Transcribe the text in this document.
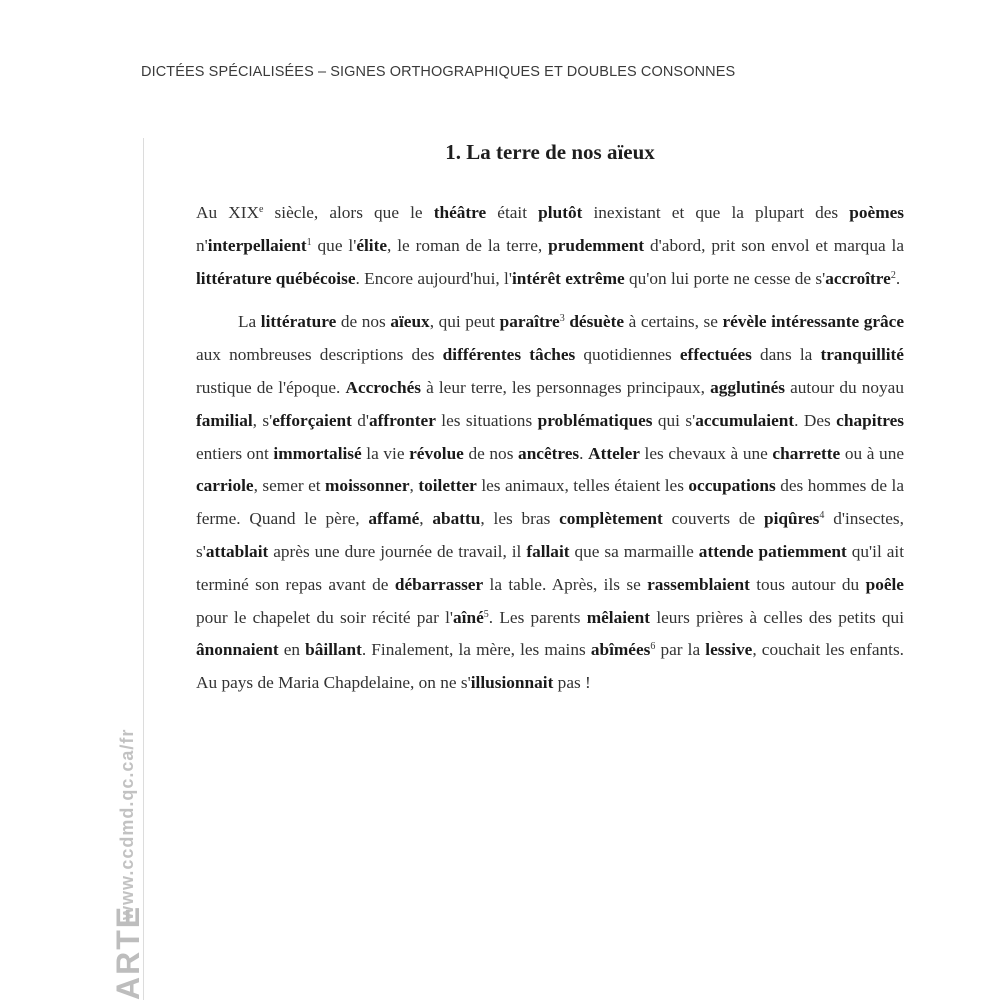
DICTÉES SPÉCIALISÉES – SIGNES ORTHOGRAPHIQUES ET DOUBLES CONSONNES
www.ccdmd.qc.ca/fr
ARTE
1. La terre de nos aïeux

Au XIXe siècle, alors que le théâtre était plutôt inexistant et que la plupart des poèmes n'interpellaient$^1$ que l'élite, le roman de la terre, prudemment d'abord, prit son envol et marqua la littérature québécoise. Encore aujourd'hui, l'intérêt extrême qu'on lui porte ne cesse de s'accroître$^2$.

La littérature de nos aïeux, qui peut paraître$^3$ désuète à certains, se révèle intéressante grâce aux nombreuses descriptions des différentes tâches quotidiennes effectuées dans la tranquillité rustique de l'époque. Accrochés à leur terre, les personnages principaux, agglutinés autour du noyau familial, s'efforçaient d'affronter les situations problématiques qui s'accumulaient. Des chapitres entiers ont immortalisé la vie révolue de nos ancêtres. Atteler les chevaux à une charrette ou à une carriole, semer et moissonner, toiletter les animaux, telles étaient les occupations des hommes de la ferme. Quand le père, affamé, abattu, les bras complètement couverts de piqûres$^4$ d'insectes, s'attablait après une dure journée de travail, il fallait que sa marmaille attende patiemment qu'il ait terminé son repas avant de débarrasser la table. Après, ils se rassemblaient tous autour du poêle pour le chapelet du soir récité par l'aîné$^5$. Les parents mêlaient leurs prières à celles des petits qui ânonnaient en bâillant. Finalement, la mère, les mains abîmées$^6$ par la lessive, couchait les enfants. Au pays de Maria Chapdelaine, on ne s'illusionnait pas !
